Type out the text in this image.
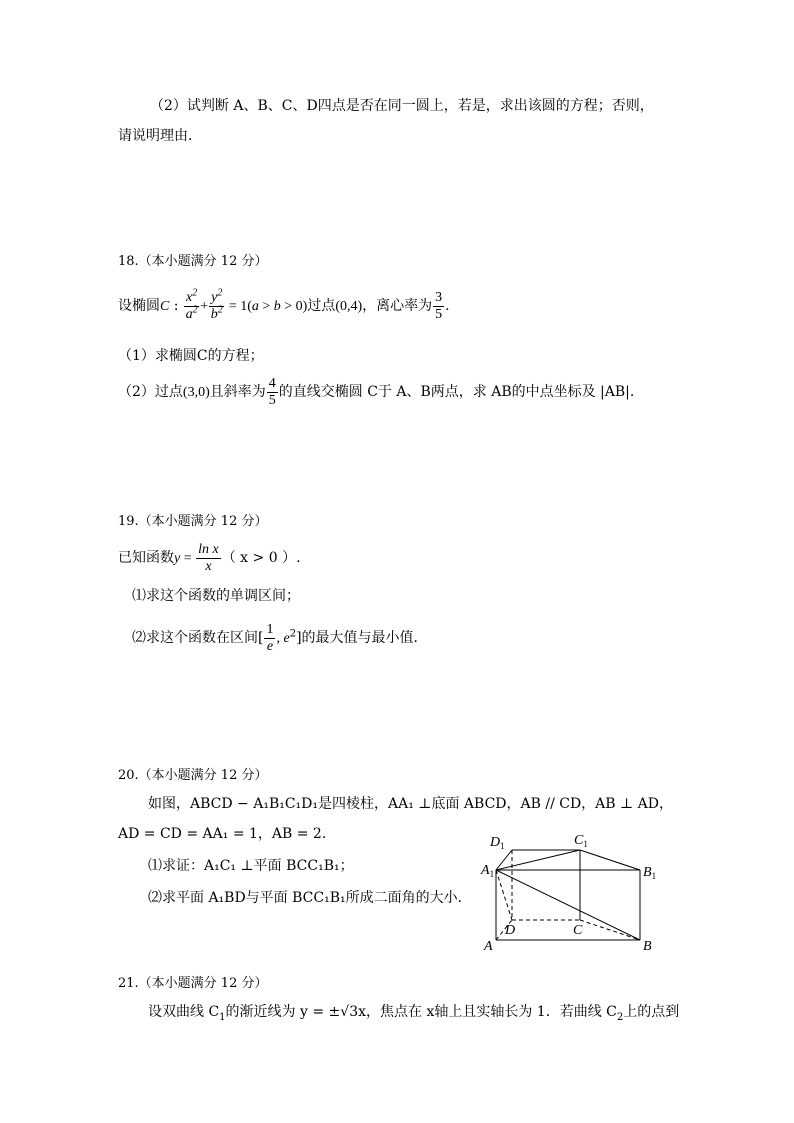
（2）试判断 A、B、C、D四点是否在同一圆上，若是，求出该圆的方程；否则，
请说明理由．
18.（本小题满分 12 分）
设椭圆C : $\frac{x^2}{a^2} + \frac{y^2}{b^2} = 1(a > b > 0)$过点(0,4)，离心率为 $\frac{3}{5}$ .
（1）求椭圆C的方程；
（2）过点(3,0)且斜率为 $\frac{4}{5}$ 的直线交椭圆 C于 A、B两点，求 AB的中点坐标及 |AB|.
19.（本小题满分 12 分）
已知函数$y = \frac{\text{ln x}}{x}$ （ x > 0 ）.
⑴求这个函数的单调区间；
⑵求这个函数在区间[ $\frac{1}{e}$ , $e^2$]的最大值与最小值．
20.（本小题满分 12 分）
如图，ABCD − A₁B₁C₁D₁是四棱柱，AA₁ ⊥底面 ABCD，AB // CD，AB ⊥ AD，
AD = CD = AA₁ = 1，AB = 2．
⑴求证：A₁C₁ ⊥平面 BCC₁B₁；
⑵求平面 A₁BD与平面 BCC₁B₁所成二面角的大小．
$D_1$	$C_1$
$A_1$	$B_1$
D	C
A	B
21.（本小题满分 12 分）
设双曲线 $C_1$的渐近线为 y = ±√3x，焦点在 x轴上且实轴长为 1．若曲线 $C_2$上的点到
